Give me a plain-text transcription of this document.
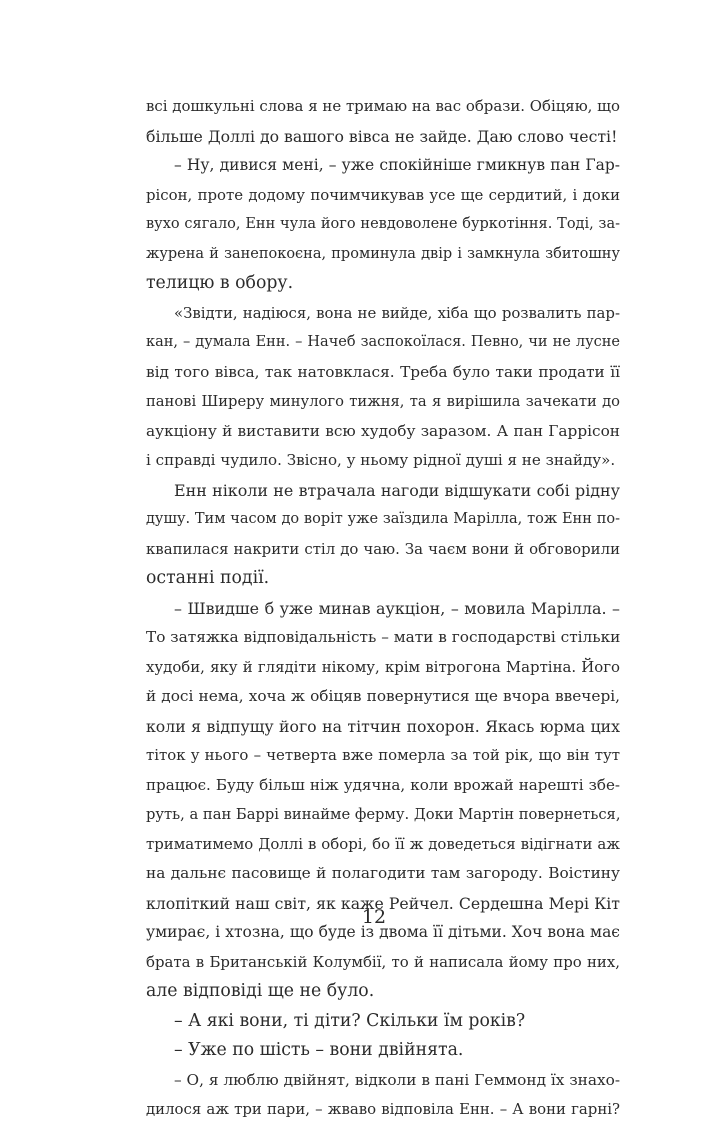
всі дошкульні слова я не тримаю на вас образи. Обіцяю, що
більше Доллі до вашого вівса не зайде. Даю слово честі!
– Ну, дивися мені, – уже спокійніше гмикнув пан Гар-
рісон, проте додому почимчикував усе ще сердитий, і доки
вухо сягало, Енн чула його невдоволене буркотіння. Тоді, за-
журена й занепокоєна, проминула двір і замкнула збитошну
телицю в обору.
«Звідти, надіюся, вона не вийде, хіба що розвалить пар-
кан, – думала Енн. – Начеб заспокоїлася. Певно, чи не лусне
від того вівса, так натовклася. Треба було таки продати її
панові Ширеру минулого тижня, та я вирішила зачекати до
аукціону й виставити всю худобу заразом. А пан Гаррісон
і справді чудило. Звісно, у ньому рідної душі я не знайду».
Енн ніколи не втрачала нагоди відшукати собі рідну
душу. Тим часом до воріт уже заїздила Марілла, тож Енн по-
квапилася накрити стіл до чаю. За чаєм вони й обговорили
останні події.
– Швидше б уже минав аукціон, – мовила Марілла. –
То затяжка відповідальність – мати в господарстві стільки
худоби, яку й глядіти нікому, крім вітрогона Мартіна. Його
й досі нема, хоча ж обіцяв повернутися ще вчора ввечері,
коли я відпущу його на тітчин похорон. Якась юрма цих
тіток у нього – четверта вже померла за той рік, що він тут
працює. Буду більш ніж удячна, коли врожай нарешті збе-
руть, а пан Баррі винайме ферму. Доки Мартін повернеться,
триматимемо Доллі в оборі, бо її ж доведеться відігнати аж
на дальнє пасовище й полагодити там загороду. Воістину
клопіткий наш світ, як каже Рейчел. Сердешна Мері Кіт
умирає, і хтозна, що буде із двома її дітьми. Хоч вона має
брата в Британській Колумбії, то й написала йому про них,
але відповіді ще не було.
– А які вони, ті діти? Скільки їм років?
– Уже по шість – вони двійнята.
– О, я люблю двійнят, відколи в пані Геммонд їх знахо-
дилося аж три пари, – жваво відповіла Енн. – А вони гарні?
12
